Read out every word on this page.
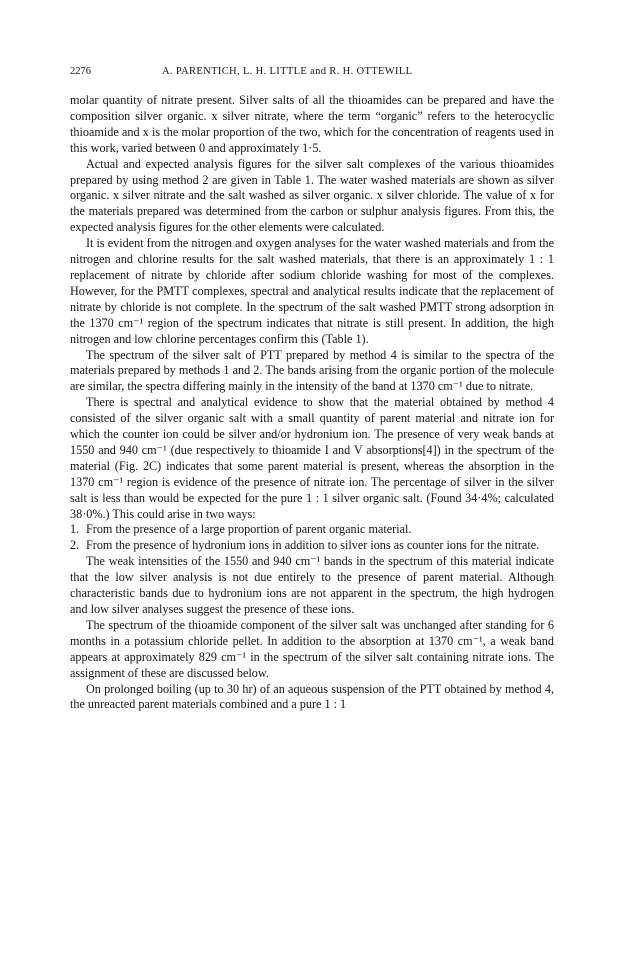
2276	A. PARENTICH, L. H. LITTLE and R. H. OTTEWILL

molar quantity of nitrate present. Silver salts of all the thioamides can be prepared and have the composition silver organic. x silver nitrate, where the term “organic” refers to the heterocyclic thioamide and x is the molar proportion of the two, which for the concentration of reagents used in this work, varied between 0 and approximately 1·5.

Actual and expected analysis figures for the silver salt complexes of the various thioamides prepared by using method 2 are given in Table 1. The water washed materials are shown as silver organic. x silver nitrate and the salt washed as silver organic. x silver chloride. The value of x for the materials prepared was determined from the carbon or sulphur analysis figures. From this, the expected analysis figures for the other elements were calculated.

It is evident from the nitrogen and oxygen analyses for the water washed materials and from the nitrogen and chlorine results for the salt washed materials, that there is an approximately 1 : 1 replacement of nitrate by chloride after sodium chloride washing for most of the complexes. However, for the PMTT complexes, spectral and analytical results indicate that the replacement of nitrate by chloride is not complete. In the spectrum of the salt washed PMTT strong adsorption in the 1370 cm⁻¹ region of the spectrum indicates that nitrate is still present. In addition, the high nitrogen and low chlorine percentages confirm this (Table 1).

The spectrum of the silver salt of PTT prepared by method 4 is similar to the spectra of the materials prepared by methods 1 and 2. The bands arising from the organic portion of the molecule are similar, the spectra differing mainly in the intensity of the band at 1370 cm⁻¹ due to nitrate.

There is spectral and analytical evidence to show that the material obtained by method 4 consisted of the silver organic salt with a small quantity of parent material and nitrate ion for which the counter ion could be silver and/or hydronium ion. The presence of very weak bands at 1550 and 940 cm⁻¹ (due respectively to thioamide I and V absorptions[4]) in the spectrum of the material (Fig. 2C) indicates that some parent material is present, whereas the absorption in the 1370 cm⁻¹ region is evidence of the presence of nitrate ion. The percentage of silver in the silver salt is less than would be expected for the pure 1 : 1 silver organic salt. (Found 34·4%; calculated 38·0%.) This could arise in two ways:

1. From the presence of a large proportion of parent organic material.
2. From the presence of hydronium ions in addition to silver ions as counter ions for the nitrate.

The weak intensities of the 1550 and 940 cm⁻¹ bands in the spectrum of this material indicate that the low silver analysis is not due entirely to the presence of parent material. Although characteristic bands due to hydronium ions are not apparent in the spectrum, the high hydrogen and low silver analyses suggest the presence of these ions.

The spectrum of the thioamide component of the silver salt was unchanged after standing for 6 months in a potassium chloride pellet. In addition to the absorption at 1370 cm⁻¹, a weak band appears at approximately 829 cm⁻¹ in the spectrum of the silver salt containing nitrate ions. The assignment of these are discussed below.

On prolonged boiling (up to 30 hr) of an aqueous suspension of the PTT obtained by method 4, the unreacted parent materials combined and a pure 1 : 1
